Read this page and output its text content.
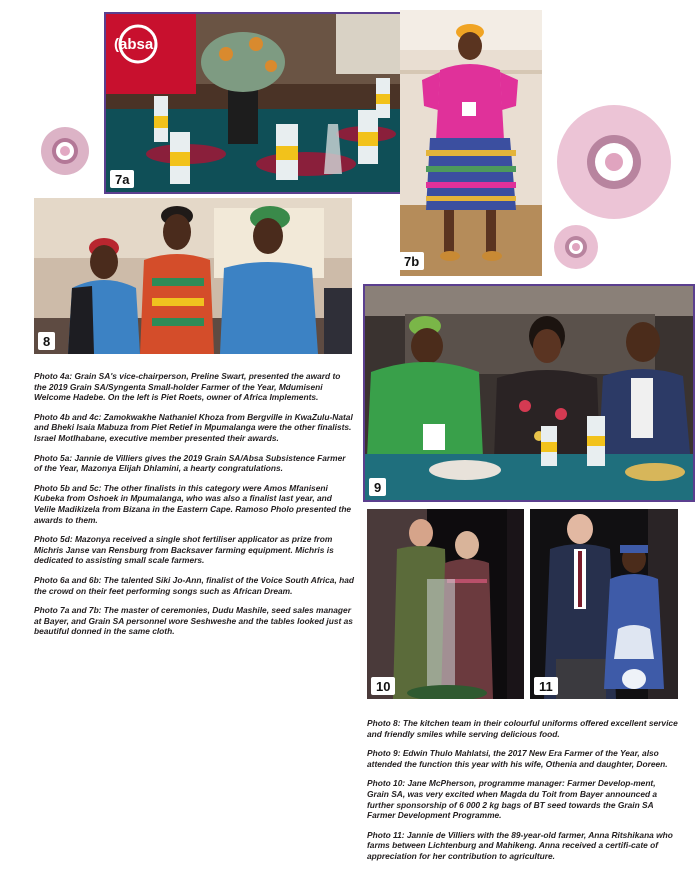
(absa)
7a
7b
8
9
10	11

Photo 4a: Grain SA's vice-chairperson, Preline Swart, presented the award to the 2019 Grain SA/Syngenta Small-holder Farmer of the Year, Mdumiseni Welcome Hadebe. On the left is Piet Roets, owner of Africa Implements.

Photo 4b and 4c: Zamokwakhe Nathaniel Khoza from Bergville in KwaZulu-Natal and Bheki Isaia Mabuza from Piet Retief in Mpumalanga were the other finalists. Israel Motlhabane, executive member presented their awards.

Photo 5a: Jannie de Villiers gives the 2019 Grain SA/Absa Subsistence Farmer of the Year, Mazonya Elijah Dhlamini, a hearty congratulations.

Photo 5b and 5c: The other finalists in this category were Amos Mfaniseni Kubeka from Oshoek in Mpumalanga, who was also a finalist last year, and Velile Madikizela from Bizana in the Eastern Cape. Ramoso Pholo presented the awards to them.

Photo 5d: Mazonya received a single shot fertiliser applicator as prize from Michris Janse van Rensburg from Backsaver farming equipment. Michris is dedicated to assisting small scale farmers.

Photo 6a and 6b: The talented Siki Jo-Ann, finalist of the Voice South Africa, had the crowd on their feet performing songs such as African Dream.

Photo 7a and 7b: The master of ceremonies, Dudu Mashile, seed sales manager at Bayer, and Grain SA personnel wore Seshweshe and the tables looked just as beautiful donned in the same cloth.

Photo 8: The kitchen team in their colourful uniforms offered excellent service and friendly smiles while serving delicious food.

Photo 9: Edwin Thulo Mahlatsi, the 2017 New Era Farmer of the Year, also attended the function this year with his wife, Othenia and daughter, Doreen.

Photo 10: Jane McPherson, programme manager: Farmer Develop-ment, Grain SA, was very excited when Magda du Toit from Bayer announced a further sponsorship of 6 000 2 kg bags of BT seed towards the Grain SA Farmer Development Programme.

Photo 11: Jannie de Villiers with the 89-year-old farmer, Anna Ritshikana who farms between Lichtenburg and Mahikeng. Anna received a certifi-cate of appreciation for her contribution to agriculture.
